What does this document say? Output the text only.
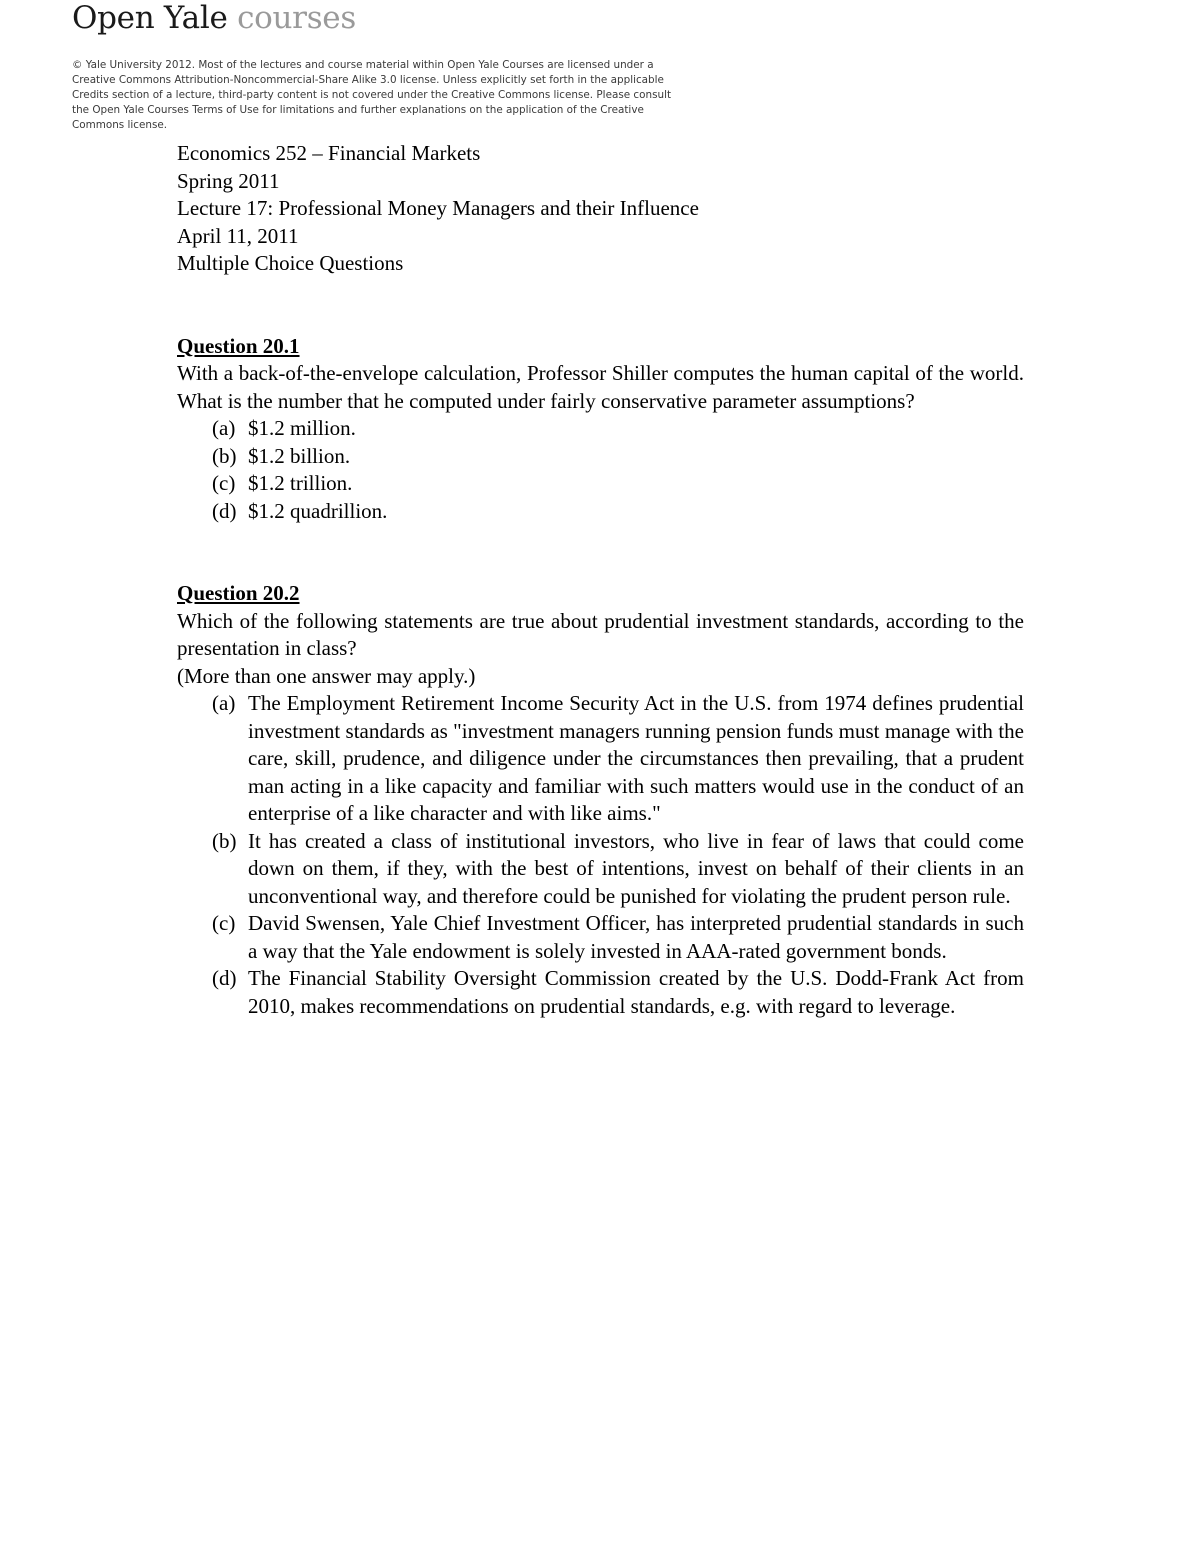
Open Yale courses

© Yale University 2012. Most of the lectures and course material within Open Yale Courses are licensed under a Creative Commons Attribution-Noncommercial-Share Alike 3.0 license. Unless explicitly set forth in the applicable Credits section of a lecture, third-party content is not covered under the Creative Commons license. Please consult the Open Yale Courses Terms of Use for limitations and further explanations on the application of the Creative Commons license.

Economics 252 – Financial Markets

Spring 2011

Lecture 17: Professional Money Managers and their Influence

April 11, 2011

Multiple Choice Questions

Question 20.1

With a back-of-the-envelope calculation, Professor Shiller computes the human capital of the world. What is the number that he computed under fairly conservative parameter assumptions?

(a) $1.2 million.
(b) $1.2 billion.
(c) $1.2 trillion.
(d) $1.2 quadrillion.

Question 20.2

Which of the following statements are true about prudential investment standards, according to the presentation in class?

(More than one answer may apply.)

(a) The Employment Retirement Income Security Act in the U.S. from 1974 defines prudential investment standards as "investment managers running pension funds must manage with the care, skill, prudence, and diligence under the circumstances then prevailing, that a prudent man acting in a like capacity and familiar with such matters would use in the conduct of an enterprise of a like character and with like aims."
(b) It has created a class of institutional investors, who live in fear of laws that could come down on them, if they, with the best of intentions, invest on behalf of their clients in an unconventional way, and therefore could be punished for violating the prudent person rule.
(c) David Swensen, Yale Chief Investment Officer, has interpreted prudential standards in such a way that the Yale endowment is solely invested in AAA-rated government bonds.
(d) The Financial Stability Oversight Commission created by the U.S. Dodd-Frank Act from 2010, makes recommendations on prudential standards, e.g. with regard to leverage.
